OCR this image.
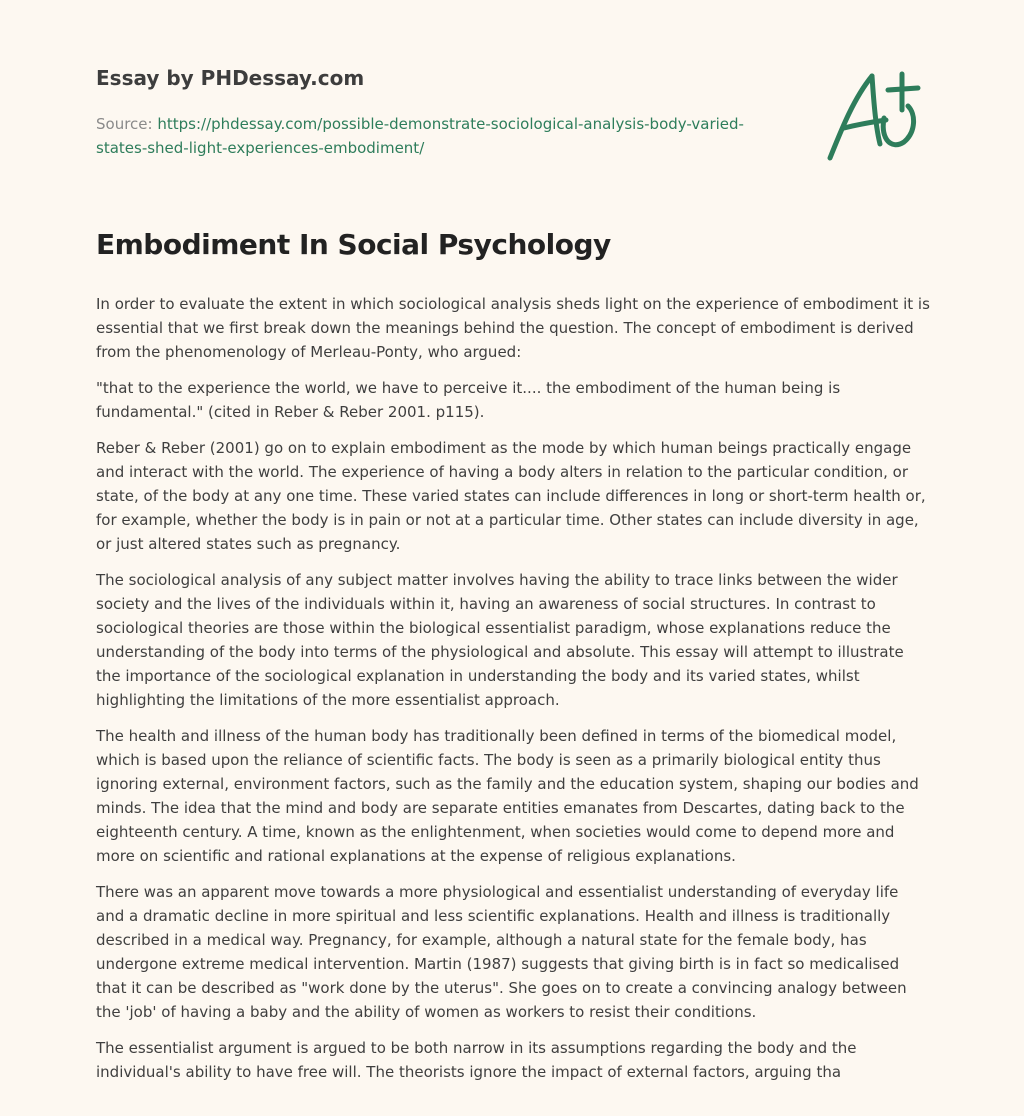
Essay by PHDessay.com
Source: https://phdessay.com/possible-demonstrate-sociological-analysis-body-varied-states-shed-light-experiences-embodiment/
Embodiment In Social Psychology

In order to evaluate the extent in which sociological analysis sheds light on the experience of embodiment it is essential that we first break down the meanings behind the question. The concept of embodiment is derived from the phenomenology of Merleau-Ponty, who argued:

"that to the experience the world, we have to perceive it.... the embodiment of the human being is fundamental." (cited in Reber & Reber 2001. p115).

Reber & Reber (2001) go on to explain embodiment as the mode by which human beings practically engage and interact with the world. The experience of having a body alters in relation to the particular condition, or state, of the body at any one time. These varied states can include differences in long or short-term health or, for example, whether the body is in pain or not at a particular time. Other states can include diversity in age, or just altered states such as pregnancy.

The sociological analysis of any subject matter involves having the ability to trace links between the wider society and the lives of the individuals within it, having an awareness of social structures. In contrast to sociological theories are those within the biological essentialist paradigm, whose explanations reduce the understanding of the body into terms of the physiological and absolute. This essay will attempt to illustrate the importance of the sociological explanation in understanding the body and its varied states, whilst highlighting the limitations of the more essentialist approach.

The health and illness of the human body has traditionally been defined in terms of the biomedical model, which is based upon the reliance of scientific facts. The body is seen as a primarily biological entity thus ignoring external, environment factors, such as the family and the education system, shaping our bodies and minds. The idea that the mind and body are separate entities emanates from Descartes, dating back to the eighteenth century. A time, known as the enlightenment, when societies would come to depend more and more on scientific and rational explanations at the expense of religious explanations.

There was an apparent move towards a more physiological and essentialist understanding of everyday life and a dramatic decline in more spiritual and less scientific explanations. Health and illness is traditionally described in a medical way. Pregnancy, for example, although a natural state for the female body, has undergone extreme medical intervention. Martin (1987) suggests that giving birth is in fact so medicalised that it can be described as "work done by the uterus". She goes on to create a convincing analogy between the 'job' of having a baby and the ability of women as workers to resist their conditions.

The essentialist argument is argued to be both narrow in its assumptions regarding the body and the individual's ability to have free will. The theorists ignore the impact of external factors, arguing tha
